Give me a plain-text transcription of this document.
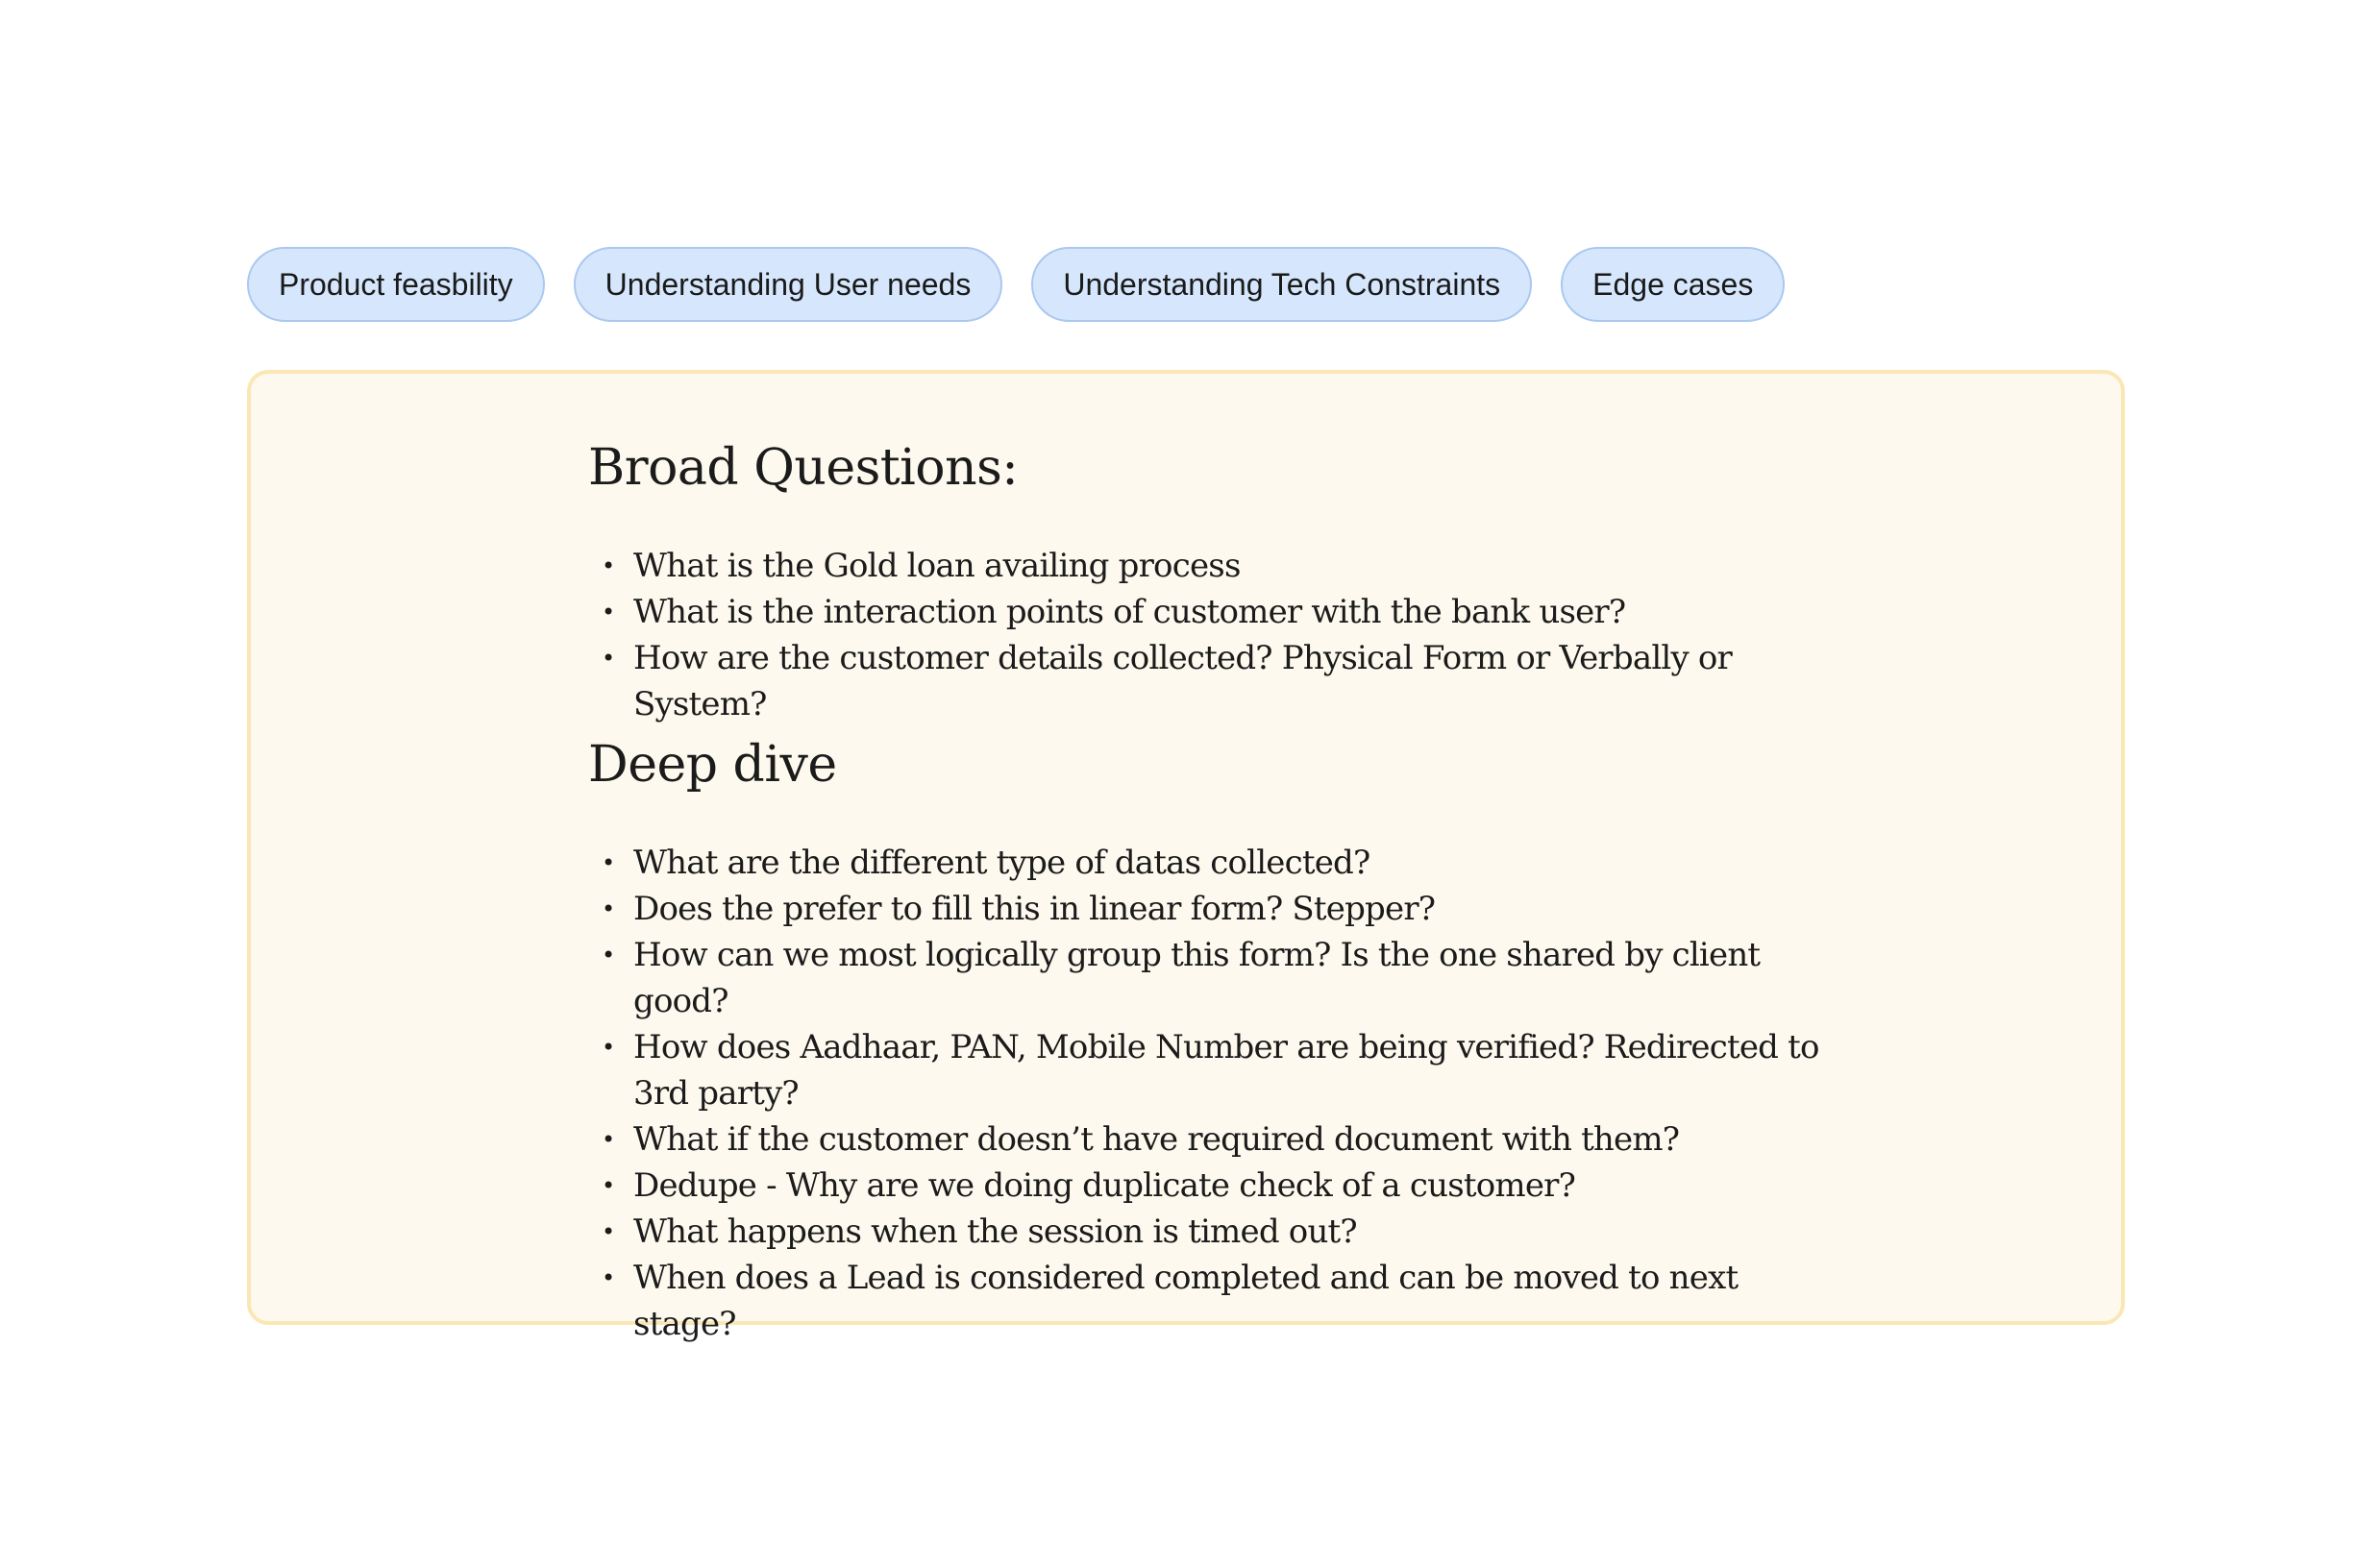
Product feasbility	Understanding User needs	Understanding Tech Constraints	Edge cases
Broad Questions:
• What is the Gold loan availing process
• What is the interaction points of customer with the bank user?
• How are the customer details collected? Physical Form or Verbally or System?
Deep dive
• What are the different type of datas collected?
• Does the prefer to fill this in linear form? Stepper?
• How can we most logically group this form? Is the one shared by client good?
• How does Aadhaar, PAN, Mobile Number are being verified? Redirected to 3rd party?
• What if the customer doesn’t have required document with them?
• Dedupe - Why are we doing duplicate check of a customer?
• What happens when the session is timed out?
• When does a Lead is considered completed and can be moved to next stage?
